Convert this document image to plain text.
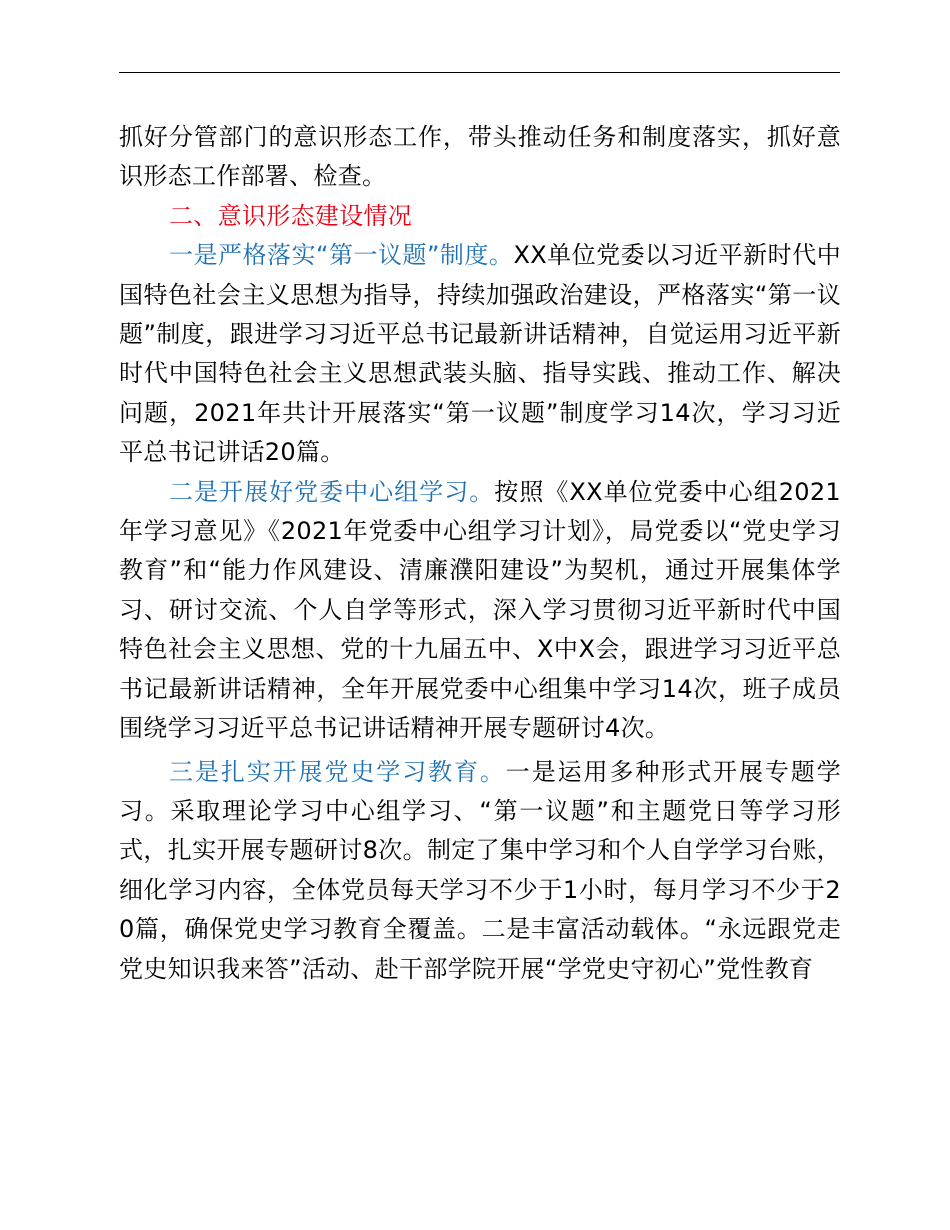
抓好分管部门的意识形态工作，带头推动任务和制度落实，抓好意识形态工作部署、检查。

二、意识形态建设情况

一是严格落实“第一议题”制度。XX单位党委以习近平新时代中国特色社会主义思想为指导，持续加强政治建设，严格落实“第一议题”制度，跟进学习习近平总书记最新讲话精神，自觉运用习近平新时代中国特色社会主义思想武装头脑、指导实践、推动工作、解决问题，2021年共计开展落实“第一议题”制度学习14次，学习习近平总书记讲话20篇。

二是开展好党委中心组学习。按照《XX单位党委中心组2021年学习意见》《2021年党委中心组学习计划》，局党委以“党史学习教育”和“能力作风建设、清廉濮阳建设”为契机，通过开展集体学习、研讨交流、个人自学等形式，深入学习贯彻习近平新时代中国特色社会主义思想、党的十九届五中、X中X会，跟进学习习近平总书记最新讲话精神，全年开展党委中心组集中学习14次，班子成员围绕学习习近平总书记讲话精神开展专题研讨4次。

三是扎实开展党史学习教育。一是运用多种形式开展专题学习。采取理论学习中心组学习、“第一议题”和主题党日等学习形式，扎实开展专题研讨8次。制定了集中学习和个人自学学习台账，细化学习内容，全体党员每天学习不少于1小时，每月学习不少于20篇，确保党史学习教育全覆盖。二是丰富活动载体。“永远跟党走党史知识我来答”活动、赴干部学院开展“学党史守初心”党性教育
